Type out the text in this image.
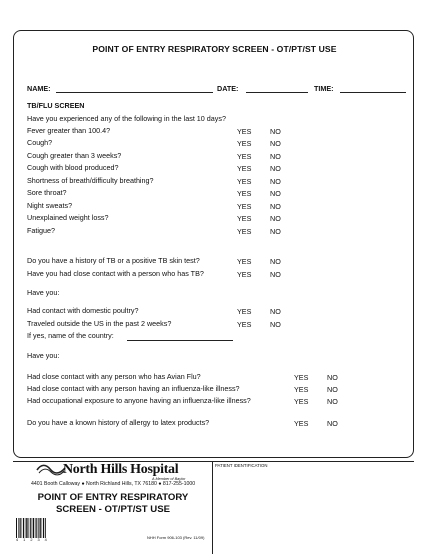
POINT OF ENTRY RESPIRATORY SCREEN - OT/PT/ST USE
NAME:	DATE:	TIME:
TB/FLU SCREEN
Have you experienced any of the following in the last 10 days?
Fever greater than 100.4?	YES	NO
Cough?	YES	NO
Cough greater than 3 weeks?	YES	NO
Cough with blood produced?	YES	NO
Shortness of breath/difficulty breathing?	YES	NO
Sore throat?	YES	NO
Night sweats?	YES	NO
Unexplained weight loss?	YES	NO
Fatigue?	YES	NO
Do you have a history of TB or a positive TB skin test?	YES	NO
Have you had close contact with a person who has TB?	YES	NO
Have you:
Had contact with domestic poultry?	YES	NO
Traveled outside the US in the past 2 weeks?	YES	NO
If yes, name of the country:
Have you:
Had close contact with any person who has Avian Flu?	YES	NO
Had close contact with any person having an influenza-like illness?	YES	NO
Had occupational exposure to anyone having an influenza-like illness?	YES	NO
Do you have a known history of allergy to latex products?	YES	NO
North Hills Hospital
A Member of Baylor
4401 Booth Calloway ● North Richland Hills, TX 76180 ● 817-255-1000
POINT OF ENTRY RESPIRATORY
SCREEN - OT/PT/ST USE
PATIENT IDENTIFICATION
4 1 2 3 4	NHH Form 906-103 (Rev. 11/09)
